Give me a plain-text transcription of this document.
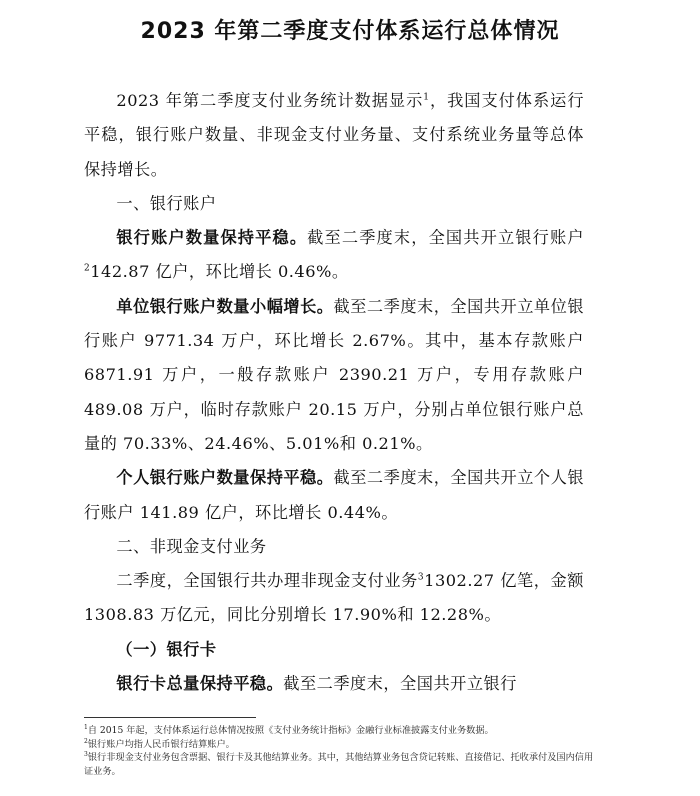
2023 年第二季度支付体系运行总体情况

2023 年第二季度支付业务统计数据显示$^1$，我国支付体系运行平稳，银行账户数量、非现金支付业务量、支付系统业务量等总体保持增长。

一、银行账户

银行账户数量保持平稳。截至二季度末，全国共开立银行账户$^2$142.87 亿户，环比增长 0.46%。

单位银行账户数量小幅增长。截至二季度末，全国共开立单位银行账户 9771.34 万户，环比增长 2.67%。其中，基本存款账户 6871.91 万户，一般存款账户 2390.21 万户，专用存款账户 489.08 万户，临时存款账户 20.15 万户，分别占单位银行账户总量的 70.33%、24.46%、5.01%和 0.21%。

个人银行账户数量保持平稳。截至二季度末，全国共开立个人银行账户 141.89 亿户，环比增长 0.44%。

二、非现金支付业务

二季度，全国银行共办理非现金支付业务$^3$1302.27 亿笔，金额 1308.83 万亿元，同比分别增长 17.90%和 12.28%。

（一）银行卡

银行卡总量保持平稳。截至二季度末，全国共开立银行

$^1$自 2015 年起，支付体系运行总体情况按照《支付业务统计指标》金融行业标准披露支付业务数据。
$^2$银行账户均指人民币银行结算账户。
$^3$银行非现金支付业务包含票据、银行卡及其他结算业务。其中，其他结算业务包含贷记转账、直接借记、托收承付及国内信用证业务。
